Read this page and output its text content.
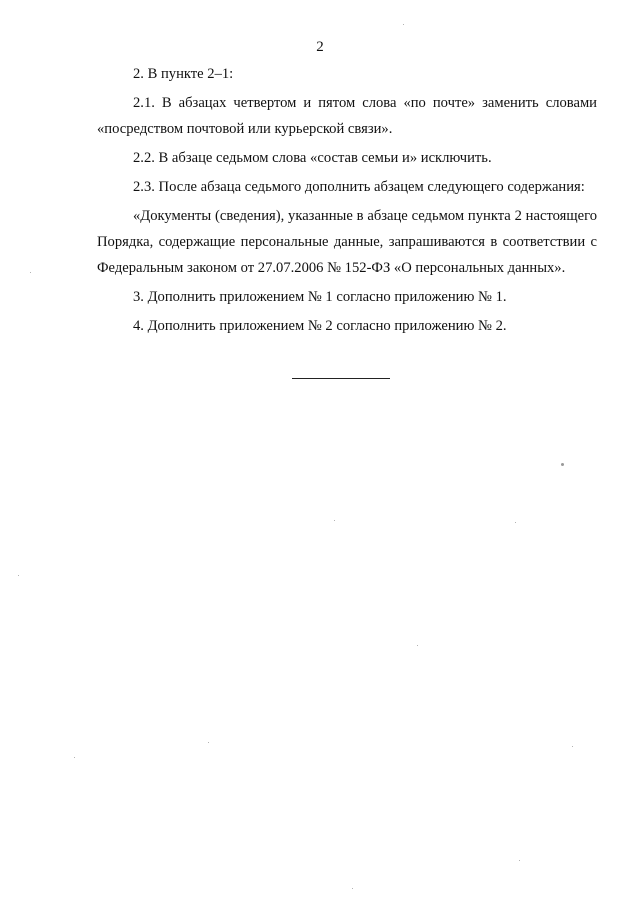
2

2. В пункте 2–1:

2.1. В абзацах четвертом и пятом слова «по почте» заменить словами «посредством почтовой или курьерской связи».

2.2. В абзаце седьмом слова «состав семьи и» исключить.

2.3. После абзаца седьмого дополнить абзацем следующего содержания:

«Документы (сведения), указанные в абзаце седьмом пункта 2 настоящего Порядка, содержащие персональные данные, запрашиваются в соответствии с Федеральным законом от 27.07.2006 № 152-ФЗ «О персональных данных».

3. Дополнить приложением № 1 согласно приложению № 1.

4. Дополнить приложением № 2 согласно приложению № 2.
